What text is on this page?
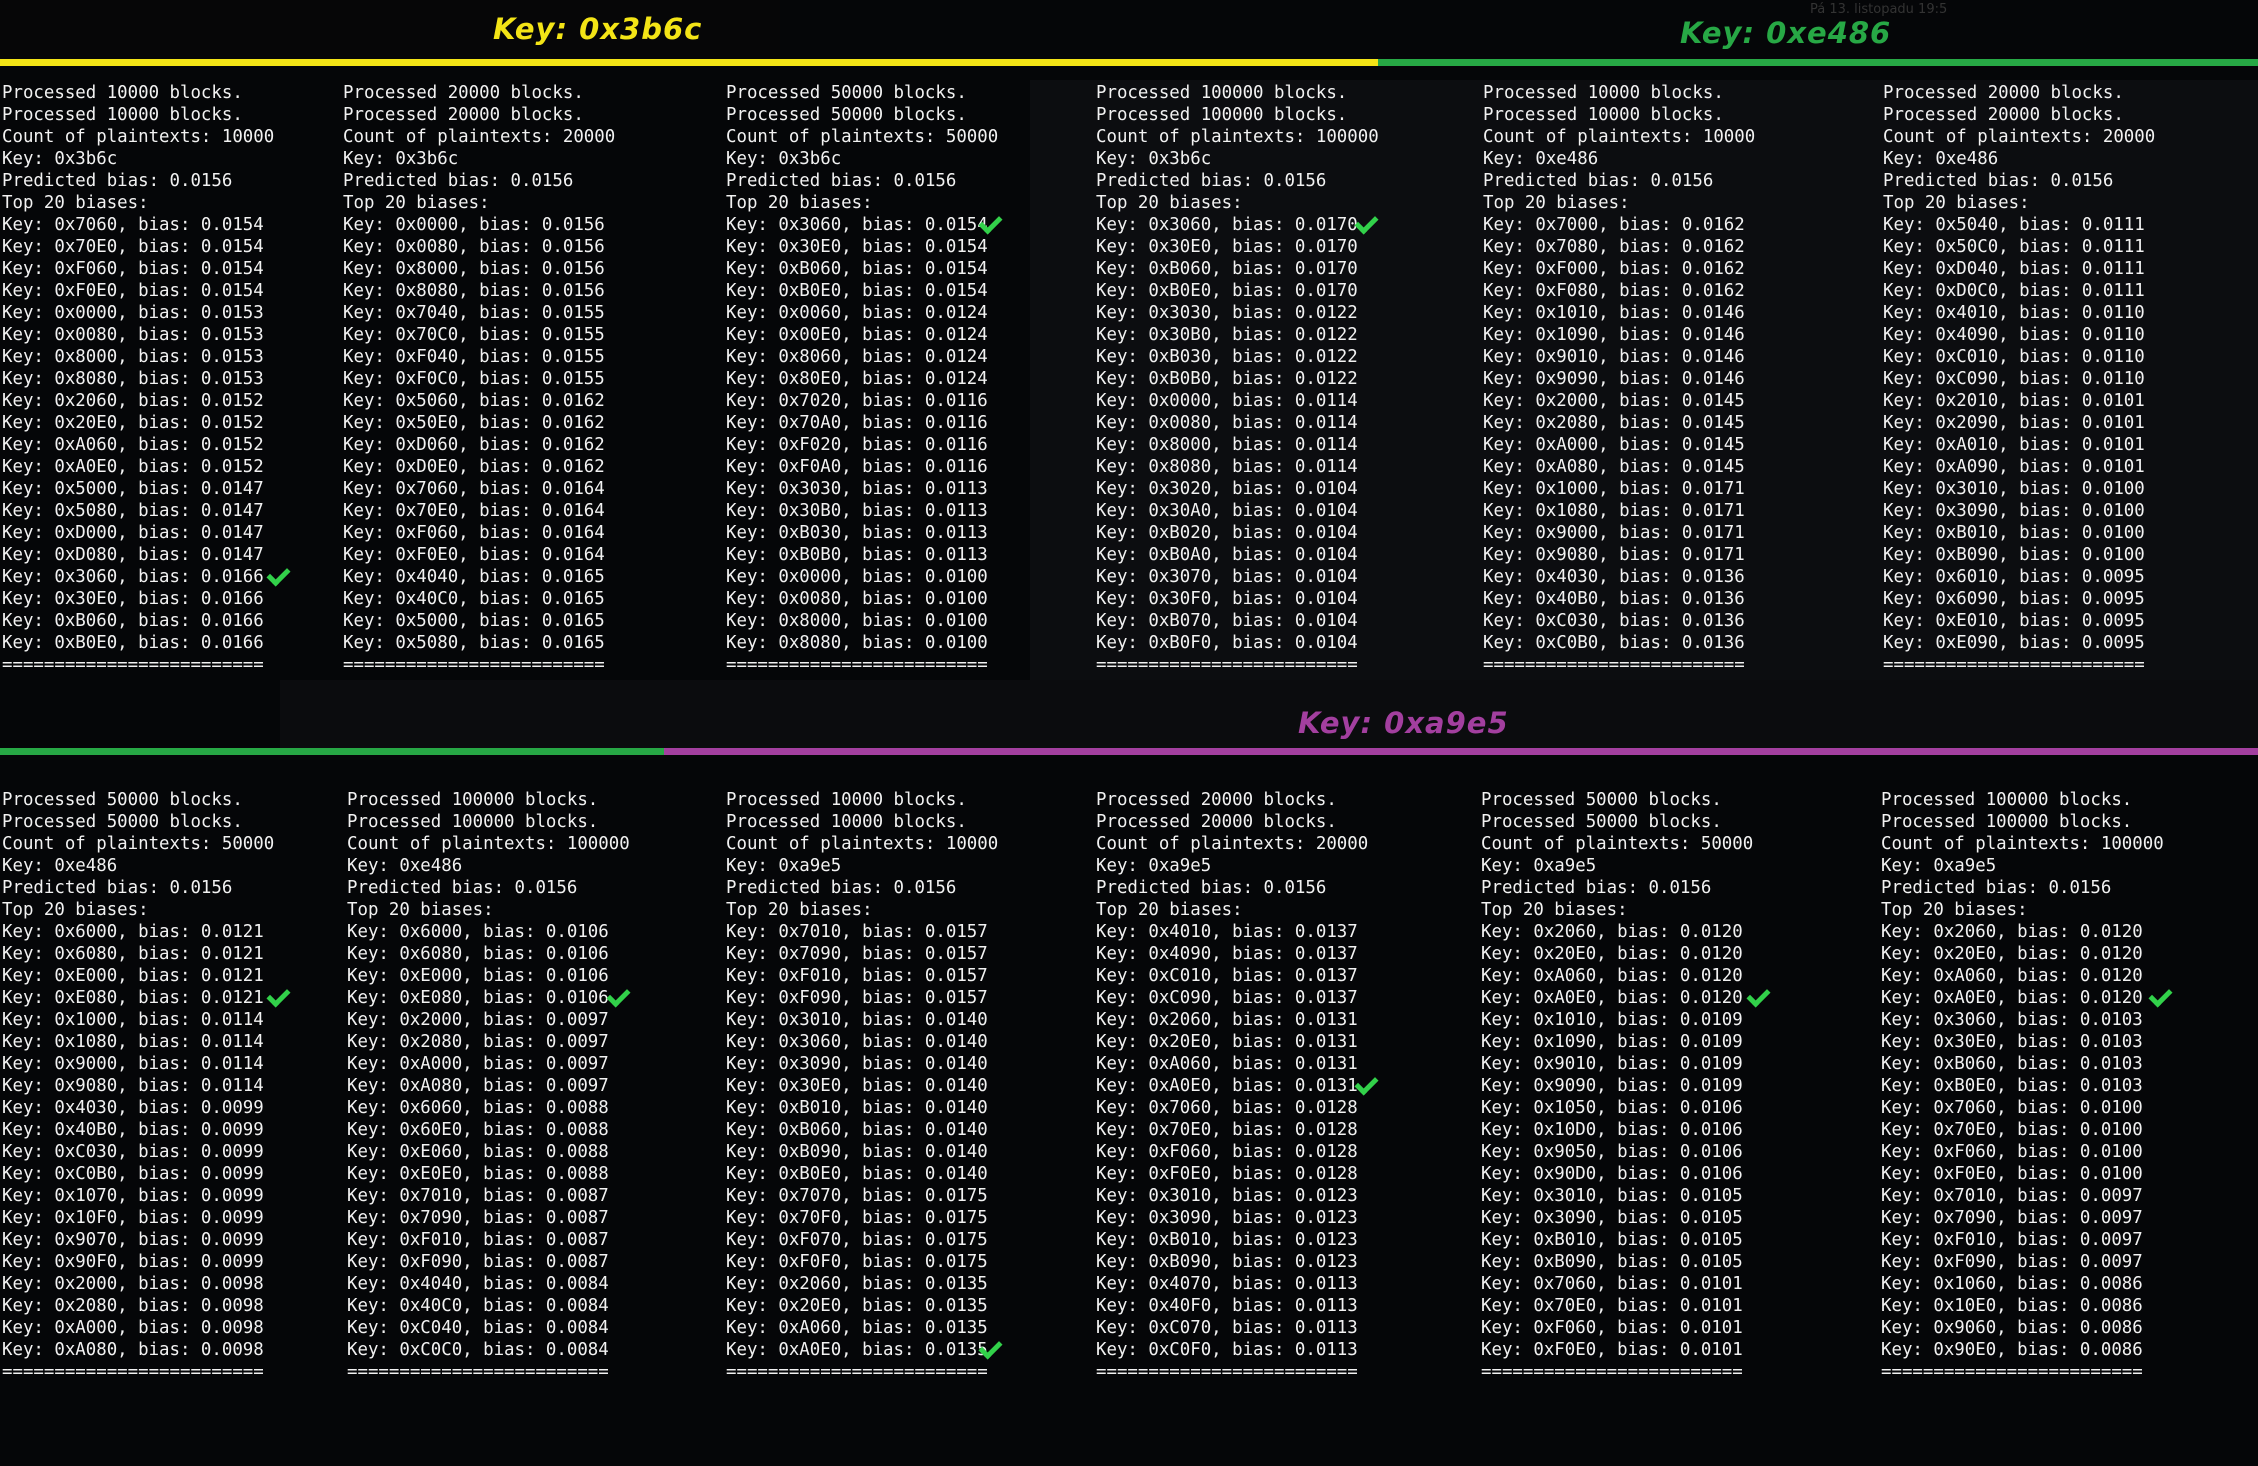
Pá 13. listopadu 19:5
Key: 0x3b6c	Key: 0xe486
Key: 0xa9e5
Processed 10000 blocks.
Processed 10000 blocks.
Count of plaintexts: 10000
Key: 0x3b6c
Predicted bias: 0.0156
Top 20 biases:
Key: 0x7060, bias: 0.0154
Key: 0x70E0, bias: 0.0154
Key: 0xF060, bias: 0.0154
Key: 0xF0E0, bias: 0.0154
Key: 0x0000, bias: 0.0153
Key: 0x0080, bias: 0.0153
Key: 0x8000, bias: 0.0153
Key: 0x8080, bias: 0.0153
Key: 0x2060, bias: 0.0152
Key: 0x20E0, bias: 0.0152
Key: 0xA060, bias: 0.0152
Key: 0xA0E0, bias: 0.0152
Key: 0x5000, bias: 0.0147
Key: 0x5080, bias: 0.0147
Key: 0xD000, bias: 0.0147
Key: 0xD080, bias: 0.0147
Key: 0x3060, bias: 0.0166
Key: 0x30E0, bias: 0.0166
Key: 0xB060, bias: 0.0166
Key: 0xB0E0, bias: 0.0166
=========================
Processed 20000 blocks.
Processed 20000 blocks.
Count of plaintexts: 20000
Key: 0x3b6c
Predicted bias: 0.0156
Top 20 biases:
Key: 0x0000, bias: 0.0156
Key: 0x0080, bias: 0.0156
Key: 0x8000, bias: 0.0156
Key: 0x8080, bias: 0.0156
Key: 0x7040, bias: 0.0155
Key: 0x70C0, bias: 0.0155
Key: 0xF040, bias: 0.0155
Key: 0xF0C0, bias: 0.0155
Key: 0x5060, bias: 0.0162
Key: 0x50E0, bias: 0.0162
Key: 0xD060, bias: 0.0162
Key: 0xD0E0, bias: 0.0162
Key: 0x7060, bias: 0.0164
Key: 0x70E0, bias: 0.0164
Key: 0xF060, bias: 0.0164
Key: 0xF0E0, bias: 0.0164
Key: 0x4040, bias: 0.0165
Key: 0x40C0, bias: 0.0165
Key: 0x5000, bias: 0.0165
Key: 0x5080, bias: 0.0165
=========================
Processed 50000 blocks.
Processed 50000 blocks.
Count of plaintexts: 50000
Key: 0x3b6c
Predicted bias: 0.0156
Top 20 biases:
Key: 0x3060, bias: 0.0154
Key: 0x30E0, bias: 0.0154
Key: 0xB060, bias: 0.0154
Key: 0xB0E0, bias: 0.0154
Key: 0x0060, bias: 0.0124
Key: 0x00E0, bias: 0.0124
Key: 0x8060, bias: 0.0124
Key: 0x80E0, bias: 0.0124
Key: 0x7020, bias: 0.0116
Key: 0x70A0, bias: 0.0116
Key: 0xF020, bias: 0.0116
Key: 0xF0A0, bias: 0.0116
Key: 0x3030, bias: 0.0113
Key: 0x30B0, bias: 0.0113
Key: 0xB030, bias: 0.0113
Key: 0xB0B0, bias: 0.0113
Key: 0x0000, bias: 0.0100
Key: 0x0080, bias: 0.0100
Key: 0x8000, bias: 0.0100
Key: 0x8080, bias: 0.0100
=========================
Processed 100000 blocks.
Processed 100000 blocks.
Count of plaintexts: 100000
Key: 0x3b6c
Predicted bias: 0.0156
Top 20 biases:
Key: 0x3060, bias: 0.0170
Key: 0x30E0, bias: 0.0170
Key: 0xB060, bias: 0.0170
Key: 0xB0E0, bias: 0.0170
Key: 0x3030, bias: 0.0122
Key: 0x30B0, bias: 0.0122
Key: 0xB030, bias: 0.0122
Key: 0xB0B0, bias: 0.0122
Key: 0x0000, bias: 0.0114
Key: 0x0080, bias: 0.0114
Key: 0x8000, bias: 0.0114
Key: 0x8080, bias: 0.0114
Key: 0x3020, bias: 0.0104
Key: 0x30A0, bias: 0.0104
Key: 0xB020, bias: 0.0104
Key: 0xB0A0, bias: 0.0104
Key: 0x3070, bias: 0.0104
Key: 0x30F0, bias: 0.0104
Key: 0xB070, bias: 0.0104
Key: 0xB0F0, bias: 0.0104
=========================
Processed 10000 blocks.
Processed 10000 blocks.
Count of plaintexts: 10000
Key: 0xe486
Predicted bias: 0.0156
Top 20 biases:
Key: 0x7000, bias: 0.0162
Key: 0x7080, bias: 0.0162
Key: 0xF000, bias: 0.0162
Key: 0xF080, bias: 0.0162
Key: 0x1010, bias: 0.0146
Key: 0x1090, bias: 0.0146
Key: 0x9010, bias: 0.0146
Key: 0x9090, bias: 0.0146
Key: 0x2000, bias: 0.0145
Key: 0x2080, bias: 0.0145
Key: 0xA000, bias: 0.0145
Key: 0xA080, bias: 0.0145
Key: 0x1000, bias: 0.0171
Key: 0x1080, bias: 0.0171
Key: 0x9000, bias: 0.0171
Key: 0x9080, bias: 0.0171
Key: 0x4030, bias: 0.0136
Key: 0x40B0, bias: 0.0136
Key: 0xC030, bias: 0.0136
Key: 0xC0B0, bias: 0.0136
=========================
Processed 20000 blocks.
Processed 20000 blocks.
Count of plaintexts: 20000
Key: 0xe486
Predicted bias: 0.0156
Top 20 biases:
Key: 0x5040, bias: 0.0111
Key: 0x50C0, bias: 0.0111
Key: 0xD040, bias: 0.0111
Key: 0xD0C0, bias: 0.0111
Key: 0x4010, bias: 0.0110
Key: 0x4090, bias: 0.0110
Key: 0xC010, bias: 0.0110
Key: 0xC090, bias: 0.0110
Key: 0x2010, bias: 0.0101
Key: 0x2090, bias: 0.0101
Key: 0xA010, bias: 0.0101
Key: 0xA090, bias: 0.0101
Key: 0x3010, bias: 0.0100
Key: 0x3090, bias: 0.0100
Key: 0xB010, bias: 0.0100
Key: 0xB090, bias: 0.0100
Key: 0x6010, bias: 0.0095
Key: 0x6090, bias: 0.0095
Key: 0xE010, bias: 0.0095
Key: 0xE090, bias: 0.0095
=========================
Processed 50000 blocks.
Processed 50000 blocks.
Count of plaintexts: 50000
Key: 0xe486
Predicted bias: 0.0156
Top 20 biases:
Key: 0x6000, bias: 0.0121
Key: 0x6080, bias: 0.0121
Key: 0xE000, bias: 0.0121
Key: 0xE080, bias: 0.0121
Key: 0x1000, bias: 0.0114
Key: 0x1080, bias: 0.0114
Key: 0x9000, bias: 0.0114
Key: 0x9080, bias: 0.0114
Key: 0x4030, bias: 0.0099
Key: 0x40B0, bias: 0.0099
Key: 0xC030, bias: 0.0099
Key: 0xC0B0, bias: 0.0099
Key: 0x1070, bias: 0.0099
Key: 0x10F0, bias: 0.0099
Key: 0x9070, bias: 0.0099
Key: 0x90F0, bias: 0.0099
Key: 0x2000, bias: 0.0098
Key: 0x2080, bias: 0.0098
Key: 0xA000, bias: 0.0098
Key: 0xA080, bias: 0.0098
=========================
Processed 100000 blocks.
Processed 100000 blocks.
Count of plaintexts: 100000
Key: 0xe486
Predicted bias: 0.0156
Top 20 biases:
Key: 0x6000, bias: 0.0106
Key: 0x6080, bias: 0.0106
Key: 0xE000, bias: 0.0106
Key: 0xE080, bias: 0.0106
Key: 0x2000, bias: 0.0097
Key: 0x2080, bias: 0.0097
Key: 0xA000, bias: 0.0097
Key: 0xA080, bias: 0.0097
Key: 0x6060, bias: 0.0088
Key: 0x60E0, bias: 0.0088
Key: 0xE060, bias: 0.0088
Key: 0xE0E0, bias: 0.0088
Key: 0x7010, bias: 0.0087
Key: 0x7090, bias: 0.0087
Key: 0xF010, bias: 0.0087
Key: 0xF090, bias: 0.0087
Key: 0x4040, bias: 0.0084
Key: 0x40C0, bias: 0.0084
Key: 0xC040, bias: 0.0084
Key: 0xC0C0, bias: 0.0084
=========================
Processed 10000 blocks.
Processed 10000 blocks.
Count of plaintexts: 10000
Key: 0xa9e5
Predicted bias: 0.0156
Top 20 biases:
Key: 0x7010, bias: 0.0157
Key: 0x7090, bias: 0.0157
Key: 0xF010, bias: 0.0157
Key: 0xF090, bias: 0.0157
Key: 0x3010, bias: 0.0140
Key: 0x3060, bias: 0.0140
Key: 0x3090, bias: 0.0140
Key: 0x30E0, bias: 0.0140
Key: 0xB010, bias: 0.0140
Key: 0xB060, bias: 0.0140
Key: 0xB090, bias: 0.0140
Key: 0xB0E0, bias: 0.0140
Key: 0x7070, bias: 0.0175
Key: 0x70F0, bias: 0.0175
Key: 0xF070, bias: 0.0175
Key: 0xF0F0, bias: 0.0175
Key: 0x2060, bias: 0.0135
Key: 0x20E0, bias: 0.0135
Key: 0xA060, bias: 0.0135
Key: 0xA0E0, bias: 0.0135
=========================
Processed 20000 blocks.
Processed 20000 blocks.
Count of plaintexts: 20000
Key: 0xa9e5
Predicted bias: 0.0156
Top 20 biases:
Key: 0x4010, bias: 0.0137
Key: 0x4090, bias: 0.0137
Key: 0xC010, bias: 0.0137
Key: 0xC090, bias: 0.0137
Key: 0x2060, bias: 0.0131
Key: 0x20E0, bias: 0.0131
Key: 0xA060, bias: 0.0131
Key: 0xA0E0, bias: 0.0131
Key: 0x7060, bias: 0.0128
Key: 0x70E0, bias: 0.0128
Key: 0xF060, bias: 0.0128
Key: 0xF0E0, bias: 0.0128
Key: 0x3010, bias: 0.0123
Key: 0x3090, bias: 0.0123
Key: 0xB010, bias: 0.0123
Key: 0xB090, bias: 0.0123
Key: 0x4070, bias: 0.0113
Key: 0x40F0, bias: 0.0113
Key: 0xC070, bias: 0.0113
Key: 0xC0F0, bias: 0.0113
=========================
Processed 50000 blocks.
Processed 50000 blocks.
Count of plaintexts: 50000
Key: 0xa9e5
Predicted bias: 0.0156
Top 20 biases:
Key: 0x2060, bias: 0.0120
Key: 0x20E0, bias: 0.0120
Key: 0xA060, bias: 0.0120
Key: 0xA0E0, bias: 0.0120
Key: 0x1010, bias: 0.0109
Key: 0x1090, bias: 0.0109
Key: 0x9010, bias: 0.0109
Key: 0x9090, bias: 0.0109
Key: 0x1050, bias: 0.0106
Key: 0x10D0, bias: 0.0106
Key: 0x9050, bias: 0.0106
Key: 0x90D0, bias: 0.0106
Key: 0x3010, bias: 0.0105
Key: 0x3090, bias: 0.0105
Key: 0xB010, bias: 0.0105
Key: 0xB090, bias: 0.0105
Key: 0x7060, bias: 0.0101
Key: 0x70E0, bias: 0.0101
Key: 0xF060, bias: 0.0101
Key: 0xF0E0, bias: 0.0101
=========================
Processed 100000 blocks.
Processed 100000 blocks.
Count of plaintexts: 100000
Key: 0xa9e5
Predicted bias: 0.0156
Top 20 biases:
Key: 0x2060, bias: 0.0120
Key: 0x20E0, bias: 0.0120
Key: 0xA060, bias: 0.0120
Key: 0xA0E0, bias: 0.0120
Key: 0x3060, bias: 0.0103
Key: 0x30E0, bias: 0.0103
Key: 0xB060, bias: 0.0103
Key: 0xB0E0, bias: 0.0103
Key: 0x7060, bias: 0.0100
Key: 0x70E0, bias: 0.0100
Key: 0xF060, bias: 0.0100
Key: 0xF0E0, bias: 0.0100
Key: 0x7010, bias: 0.0097
Key: 0x7090, bias: 0.0097
Key: 0xF010, bias: 0.0097
Key: 0xF090, bias: 0.0097
Key: 0x1060, bias: 0.0086
Key: 0x10E0, bias: 0.0086
Key: 0x9060, bias: 0.0086
Key: 0x90E0, bias: 0.0086
=========================
